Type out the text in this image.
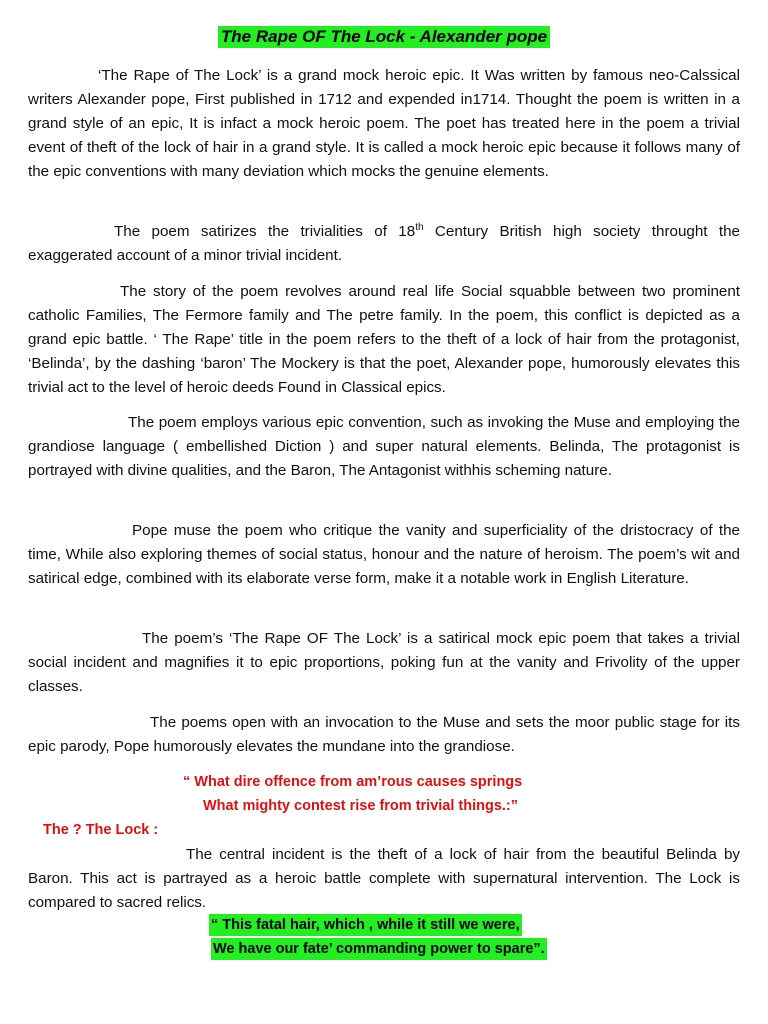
The Rape OF The Lock - Alexander pope

‘The Rape of The Lock’ is a grand mock heroic epic. It Was written by famous neo-Calssical writers Alexander pope, First published in 1712 and expended in1714. Thought the poem is written in a grand style of an epic, It is infact a mock heroic poem. The poet has treated here in the poem a trivial event of theft of the lock of hair in a grand style. It is called a mock heroic epic because it follows many of the epic conventions with many deviation which mocks the genuine elements.

The poem satirizes the trivialities of 18th Century British high society throught the exaggerated account of a minor trivial incident.

The story of the poem revolves around real life Social squabble between two prominent catholic Families, The Fermore family and The petre family. In the poem, this conflict is depicted as a grand epic battle. ‘ The Rape’ title in the poem refers to the theft of a lock of hair from the protagonist, ‘Belinda’, by the dashing ‘baron’ The Mockery is that the poet, Alexander pope, humorously elevates this trivial act to the level of heroic deeds Found in Classical epics.

The poem employs various epic convention, such as invoking the Muse and employing the grandiose language ( embellished Diction ) and super natural elements. Belinda, The protagonist is portrayed with divine qualities, and the Baron, The Antagonist withhis scheming nature.

Pope muse the poem who critique the vanity and superficiality of the dristocracy of the time, While also exploring themes of social status, honour and the nature of heroism. The poem’s wit and satirical edge, combined with its elaborate verse form, make it a notable work in English Literature.

The poem’s ‘The Rape OF The Lock’ is a satirical mock epic poem that takes a trivial social incident and magnifies it to epic proportions, poking fun at the vanity and Frivolity of the upper classes.

The poems open with an invocation to the Muse and sets the moor public stage for its epic parody, Pope humorously elevates the mundane into the grandiose.

“ What dire offence from am’rous causes springs
What mighty contest rise from trivial things.:”
The ? The Lock :

The central incident is the theft of a lock of hair from the beautiful Belinda by Baron. This act is partrayed as a heroic battle complete with supernatural intervention. The Lock is compared to sacred relics.

“ This fatal hair, which , while it still we were,
We have our fate’ commanding power to spare”.
